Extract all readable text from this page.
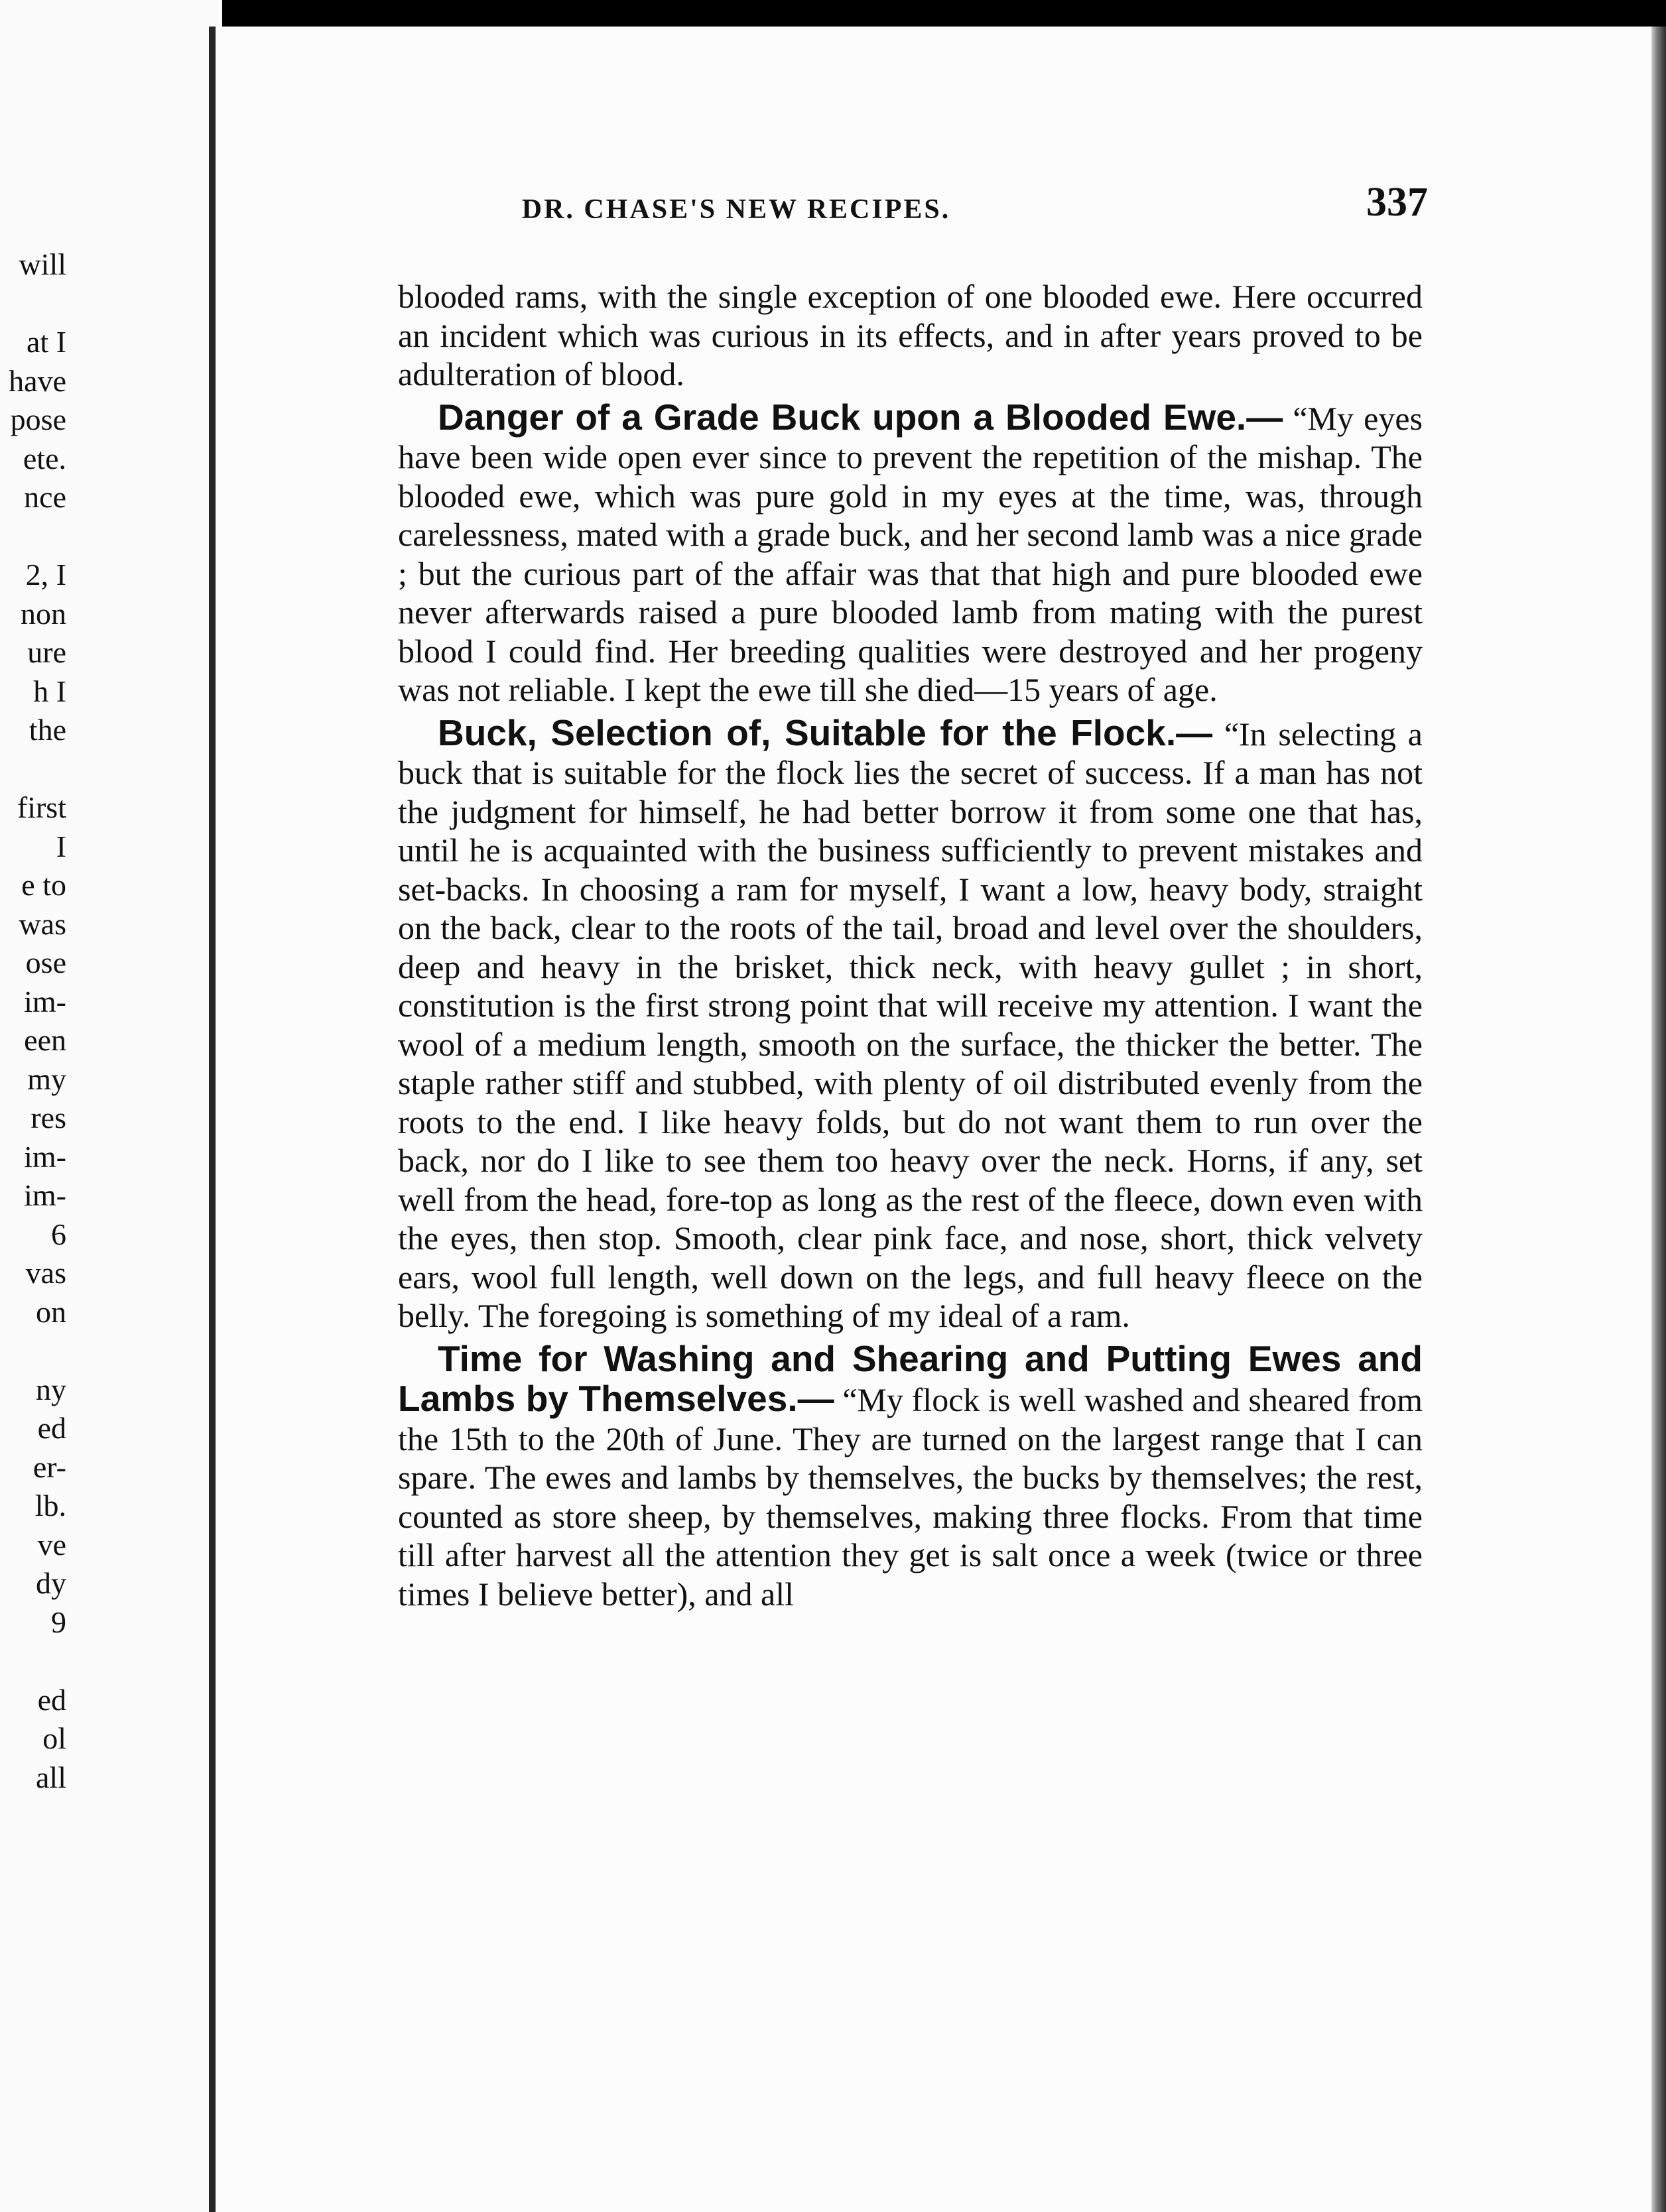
will
at I
have
pose
ete.
nce
2, I
non
ure
h I
the
first
I
e to
was
ose
im-
een
my
res
im-
im-
6
vas
on
ny
ed
er-
lb.
ve
dy
9
ed
ol
all
DR. CHASE'S NEW RECIPES.	337

blooded rams, with the single exception of one blooded ewe. Here occurred an incident which was curious in its effects, and in after years proved to be adulteration of blood.

Danger of a Grade Buck upon a Blooded Ewe.— “My eyes have been wide open ever since to prevent the repetition of the mishap. The blooded ewe, which was pure gold in my eyes at the time, was, through carelessness, mated with a grade buck, and her second lamb was a nice grade ; but the curious part of the affair was that that high and pure blooded ewe never afterwards raised a pure blooded lamb from mating with the purest blood I could find. Her breeding qualities were destroyed and her progeny was not reliable. I kept the ewe till she died—15 years of age.

Buck, Selection of, Suitable for the Flock.— “In selecting a buck that is suitable for the flock lies the secret of success. If a man has not the judgment for himself, he had better borrow it from some one that has, until he is acquainted with the business sufficiently to prevent mistakes and set-backs. In choosing a ram for myself, I want a low, heavy body, straight on the back, clear to the roots of the tail, broad and level over the shoulders, deep and heavy in the brisket, thick neck, with heavy gullet ; in short, constitution is the first strong point that will receive my attention. I want the wool of a medium length, smooth on the surface, the thicker the better. The staple rather stiff and stubbed, with plenty of oil distributed evenly from the roots to the end. I like heavy folds, but do not want them to run over the back, nor do I like to see them too heavy over the neck. Horns, if any, set well from the head, fore-top as long as the rest of the fleece, down even with the eyes, then stop. Smooth, clear pink face, and nose, short, thick velvety ears, wool full length, well down on the legs, and full heavy fleece on the belly. The foregoing is something of my ideal of a ram.

Time for Washing and Shearing and Putting Ewes and Lambs by Themselves.— “My flock is well washed and sheared from the 15th to the 20th of June. They are turned on the largest range that I can spare. The ewes and lambs by themselves, the bucks by themselves; the rest, counted as store sheep, by themselves, making three flocks. From that time till after harvest all the attention they get is salt once a week (twice or three times I believe better), and all
